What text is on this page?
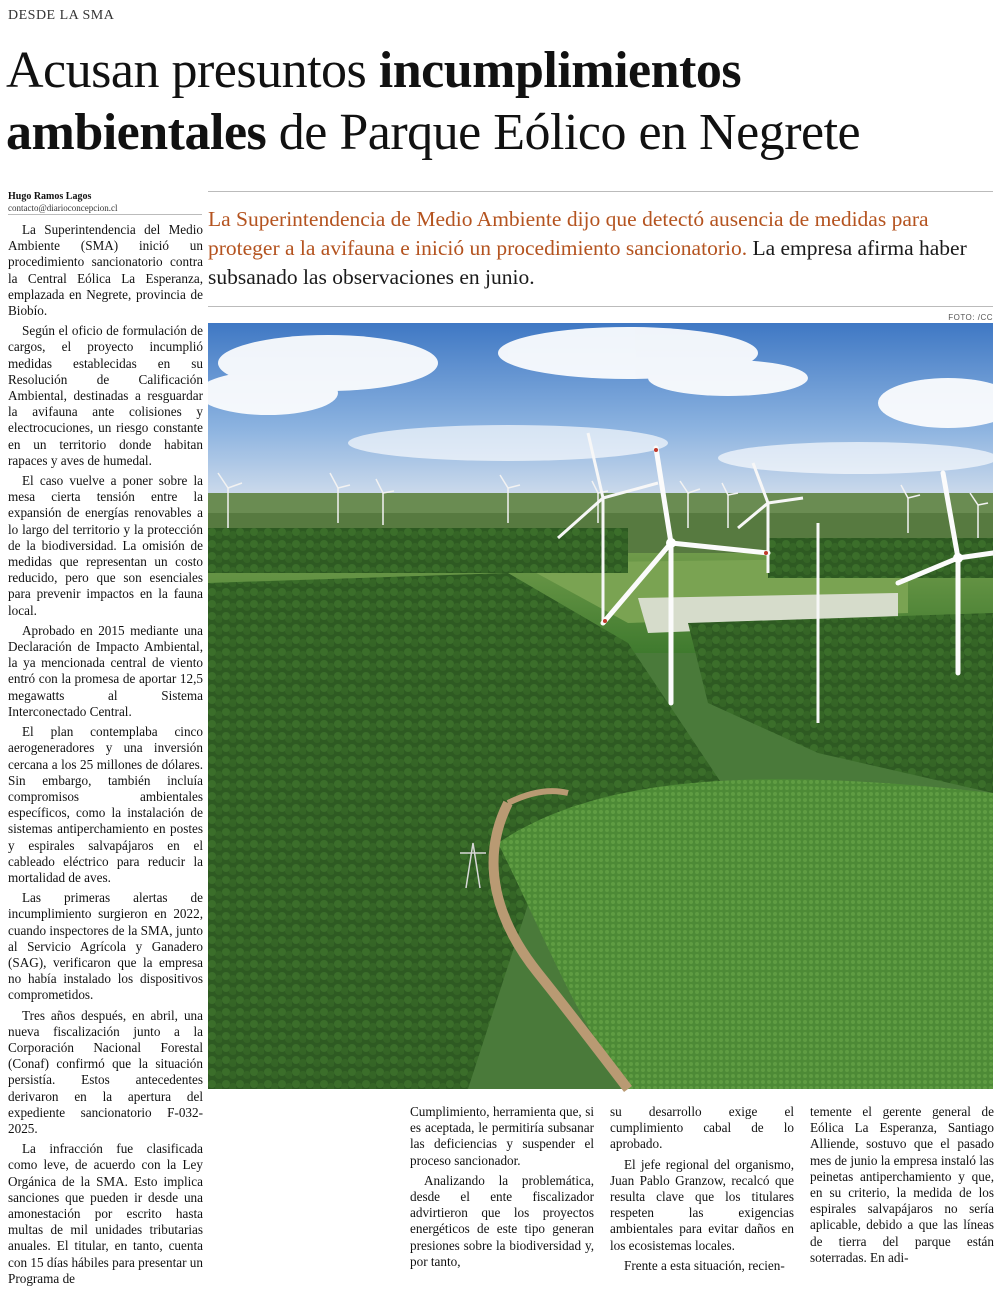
DESDE LA SMA
Acusan presuntos incumplimientos
ambientales de Parque Eólico en Negrete
Hugo Ramos Lagos
contacto@diarioconcepcion.cl	La Superintendencia de Medio Ambiente dijo que detectó ausencia de medidas para proteger a la avifauna e inició un procedimiento sancionatorio. La empresa afirma haber subsanado las observaciones en junio.
FOTO: /CC

La Superintendencia del Medio Ambiente (SMA) inició un procedimiento sancionatorio contra la Central Eólica La Esperanza, emplazada en Negrete, provincia de Biobío.

Según el oficio de formulación de cargos, el proyecto incumplió medidas establecidas en su Resolución de Calificación Ambiental, destinadas a resguardar la avifauna ante colisiones y electrocuciones, un riesgo constante en un territorio donde habitan rapaces y aves de humedal.

El caso vuelve a poner sobre la mesa cierta tensión entre la expansión de energías renovables a lo largo del territorio y la protección de la biodiversidad. La omisión de medidas que representan un costo reducido, pero que son esenciales para prevenir impactos en la fauna local.

Aprobado en 2015 mediante una Declaración de Impacto Ambiental, la ya mencionada central de viento entró con la promesa de aportar 12,5 megawatts al Sistema Interconectado Central.

El plan contemplaba cinco aerogeneradores y una inversión cercana a los 25 millones de dólares. Sin embargo, también incluía compromisos ambientales específicos, como la instalación de sistemas antiperchamiento en postes y espirales salvapájaros en el cableado eléctrico para reducir la mortalidad de aves.

Las primeras alertas de incumplimiento surgieron en 2022, cuando inspectores de la SMA, junto al Servicio Agrícola y Ganadero (SAG), verificaron que la empresa no había instalado los dispositivos comprometidos.

Tres años después, en abril, una nueva fiscalización junto a la Corporación Nacional Forestal (Conaf) confirmó que la situación persistía. Estos antecedentes derivaron en la apertura del expediente sancionatorio F-032-2025.

La infracción fue clasificada como leve, de acuerdo con la Ley Orgánica de la SMA. Esto implica sanciones que pueden ir desde una amonestación por escrito hasta multas de mil unidades tributarias anuales. El titular, en tanto, cuenta con 15 días hábiles para presentar un Programa de

Cumplimiento, herramienta que, si es aceptada, le permitiría subsanar las deficiencias y suspender el proceso sancionador.

Analizando la problemática, desde el ente fiscalizador advirtieron que los proyectos energéticos de este tipo generan presiones sobre la biodiversidad y, por tanto,

su desarrollo exige el cumplimiento cabal de lo aprobado.

El jefe regional del organismo, Juan Pablo Granzow, recalcó que resulta clave que los titulares respeten las exigencias ambientales para evitar daños en los ecosistemas locales.

Frente a esta situación, recien-

temente el gerente general de Eólica La Esperanza, Santiago Alliende, sostuvo que el pasado mes de junio la empresa instaló las peinetas antiperchamiento y que, en su criterio, la medida de los espirales salvapájaros no sería aplicable, debido a que las líneas de tierra del parque están soterradas. En adi-
